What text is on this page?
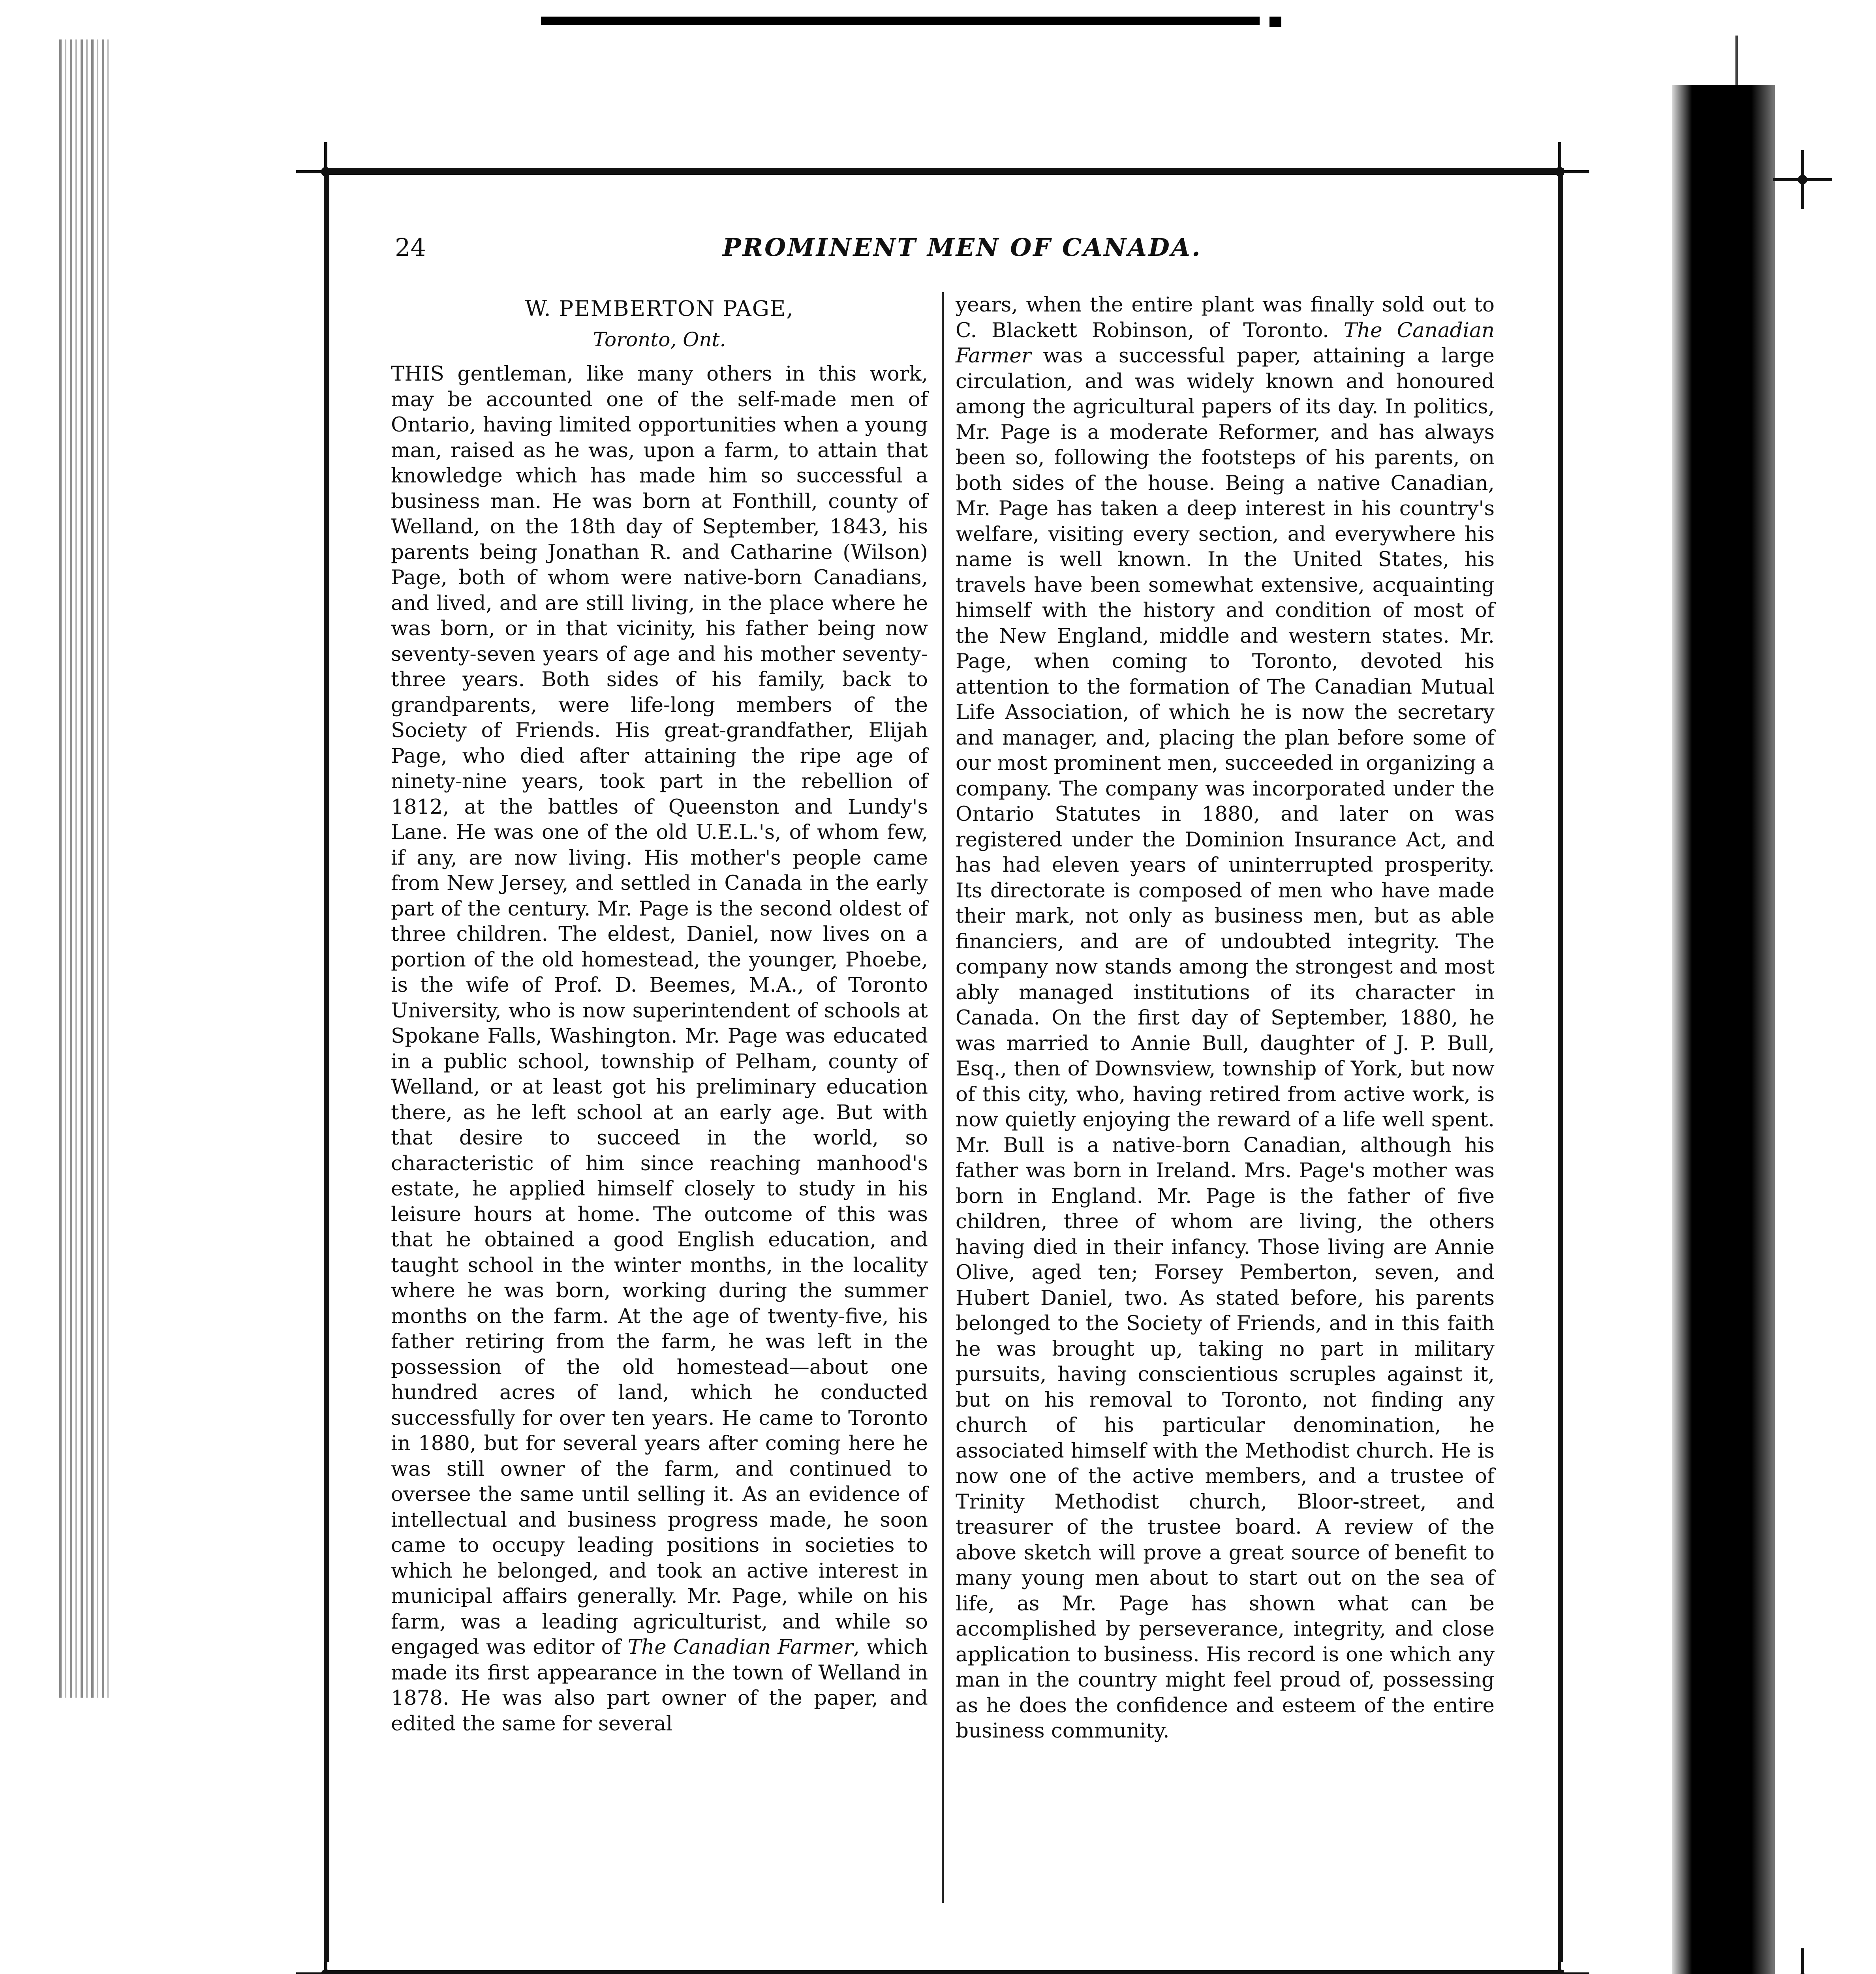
24	PROMINENT MEN OF CANADA.
W. PEMBERTON PAGE,
Toronto, Ont.

THIS gentleman, like many others in this work, may be accounted one of the self-made men of Ontario, having limited opportunities when a young man, raised as he was, upon a farm, to attain that knowledge which has made him so successful a business man. He was born at Fonthill, county of Welland, on the 18th day of September, 1843, his parents being Jonathan R. and Catharine (Wilson) Page, both of whom were native-born Canadians, and lived, and are still living, in the place where he was born, or in that vicinity, his father being now seventy-seven years of age and his mother seventy-three years. Both sides of his family, back to grandparents, were life-long members of the Society of Friends. His great-grandfather, Elijah Page, who died after attaining the ripe age of ninety-nine years, took part in the rebellion of 1812, at the battles of Queenston and Lundy's Lane. He was one of the old U.E.L.'s, of whom few, if any, are now living. His mother's people came from New Jersey, and settled in Canada in the early part of the century. Mr. Page is the second oldest of three children. The eldest, Daniel, now lives on a portion of the old homestead, the younger, Phoebe, is the wife of Prof. D. Beemes, M.A., of Toronto University, who is now superintendent of schools at Spokane Falls, Washington. Mr. Page was educated in a public school, township of Pelham, county of Welland, or at least got his preliminary education there, as he left school at an early age. But with that desire to succeed in the world, so characteristic of him since reaching manhood's estate, he applied himself closely to study in his leisure hours at home. The outcome of this was that he obtained a good English education, and taught school in the winter months, in the locality where he was born, working during the summer months on the farm. At the age of twenty-five, his father retiring from the farm, he was left in the possession of the old homestead—about one hundred acres of land, which he conducted successfully for over ten years. He came to Toronto in 1880, but for several years after coming here he was still owner of the farm, and continued to oversee the same until selling it. As an evidence of intellectual and business progress made, he soon came to occupy leading positions in societies to which he belonged, and took an active interest in municipal affairs generally. Mr. Page, while on his farm, was a leading agriculturist, and while so engaged was editor of The Canadian Farmer, which made its first appearance in the town of Welland in 1878. He was also part owner of the paper, and edited the same for several

years, when the entire plant was finally sold out to C. Blackett Robinson, of Toronto. The Canadian Farmer was a successful paper, attaining a large circulation, and was widely known and honoured among the agricultural papers of its day. In politics, Mr. Page is a moderate Reformer, and has always been so, following the footsteps of his parents, on both sides of the house. Being a native Canadian, Mr. Page has taken a deep interest in his country's welfare, visiting every section, and everywhere his name is well known. In the United States, his travels have been somewhat extensive, acquainting himself with the history and condition of most of the New England, middle and western states. Mr. Page, when coming to Toronto, devoted his attention to the formation of The Canadian Mutual Life Association, of which he is now the secretary and manager, and, placing the plan before some of our most prominent men, succeeded in organizing a company. The company was incorporated under the Ontario Statutes in 1880, and later on was registered under the Dominion Insurance Act, and has had eleven years of uninterrupted prosperity. Its directorate is composed of men who have made their mark, not only as business men, but as able financiers, and are of undoubted integrity. The company now stands among the strongest and most ably managed institutions of its character in Canada. On the first day of September, 1880, he was married to Annie Bull, daughter of J. P. Bull, Esq., then of Downsview, township of York, but now of this city, who, having retired from active work, is now quietly enjoying the reward of a life well spent. Mr. Bull is a native-born Canadian, although his father was born in Ireland. Mrs. Page's mother was born in England. Mr. Page is the father of five children, three of whom are living, the others having died in their infancy. Those living are Annie Olive, aged ten; Forsey Pemberton, seven, and Hubert Daniel, two. As stated before, his parents belonged to the Society of Friends, and in this faith he was brought up, taking no part in military pursuits, having conscientious scruples against it, but on his removal to Toronto, not finding any church of his particular denomination, he associated himself with the Methodist church. He is now one of the active members, and a trustee of Trinity Methodist church, Bloor-street, and treasurer of the trustee board. A review of the above sketch will prove a great source of benefit to many young men about to start out on the sea of life, as Mr. Page has shown what can be accomplished by perseverance, integrity, and close application to business. His record is one which any man in the country might feel proud of, possessing as he does the confidence and esteem of the entire business community.
